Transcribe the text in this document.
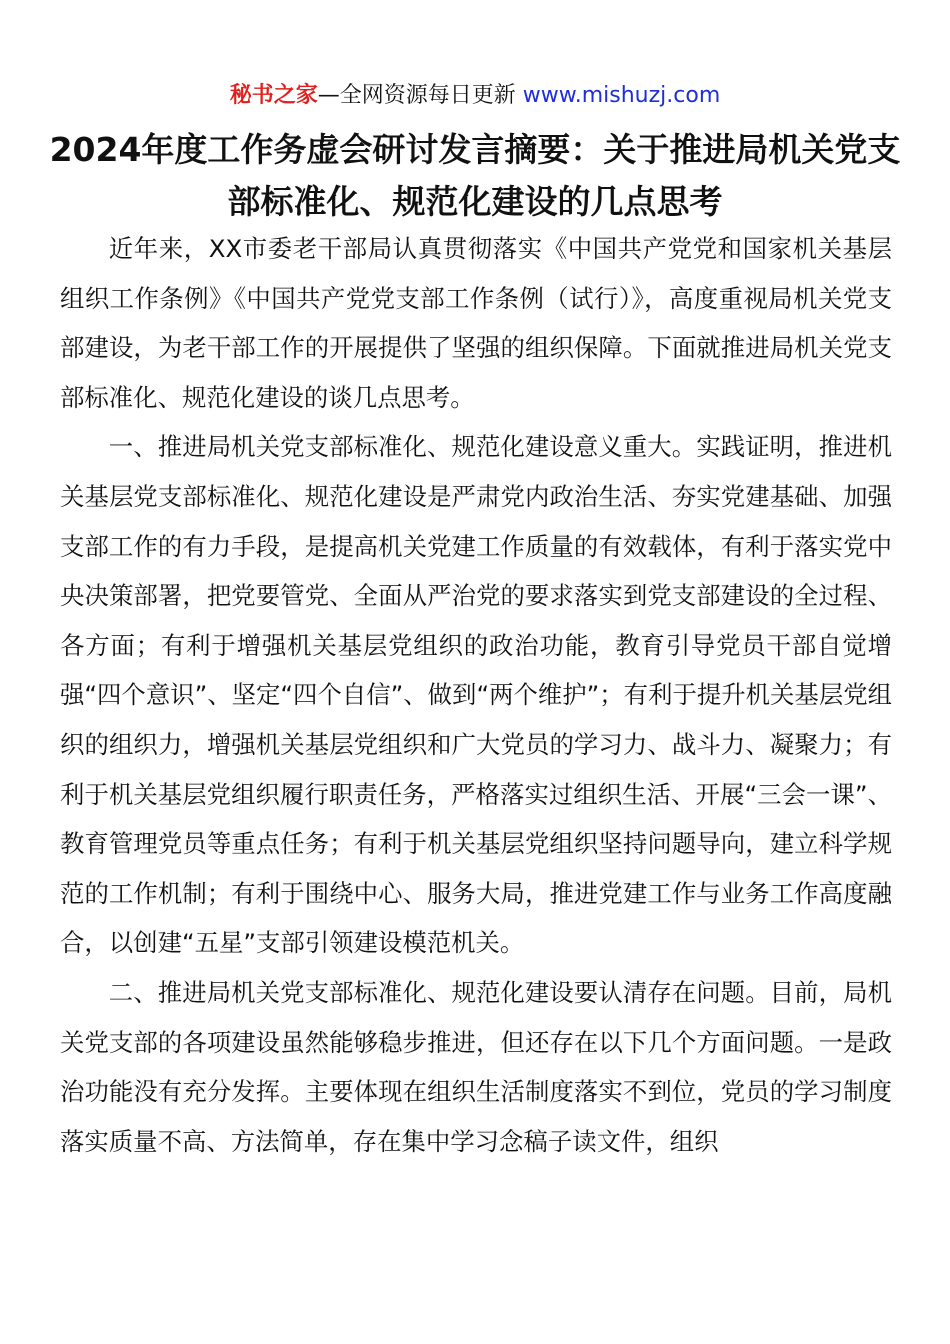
秘书之家—全网资源每日更新 www.mishuzj.com
2024年度工作务虚会研讨发言摘要：关于推进局机关党支部标准化、规范化建设的几点思考

近年来，XX市委老干部局认真贯彻落实《中国共产党党和国家机关基层组织工作条例》《中国共产党党支部工作条例（试行）》，高度重视局机关党支部建设，为老干部工作的开展提供了坚强的组织保障。下面就推进局机关党支部标准化、规范化建设的谈几点思考。

一、推进局机关党支部标准化、规范化建设意义重大。实践证明，推进机关基层党支部标准化、规范化建设是严肃党内政治生活、夯实党建基础、加强支部工作的有力手段，是提高机关党建工作质量的有效载体，有利于落实党中央决策部署，把党要管党、全面从严治党的要求落实到党支部建设的全过程、各方面；有利于增强机关基层党组织的政治功能，教育引导党员干部自觉增强“四个意识”、坚定“四个自信”、做到“两个维护”；有利于提升机关基层党组织的组织力，增强机关基层党组织和广大党员的学习力、战斗力、凝聚力；有利于机关基层党组织履行职责任务，严格落实过组织生活、开展“三会一课”、教育管理党员等重点任务；有利于机关基层党组织坚持问题导向，建立科学规范的工作机制；有利于围绕中心、服务大局，推进党建工作与业务工作高度融合，以创建“五星”支部引领建设模范机关。

二、推进局机关党支部标准化、规范化建设要认清存在问题。目前，局机关党支部的各项建设虽然能够稳步推进，但还存在以下几个方面问题。一是政治功能没有充分发挥。主要体现在组织生活制度落实不到位，党员的学习制度落实质量不高、方法简单，存在集中学习念稿子读文件，组织
